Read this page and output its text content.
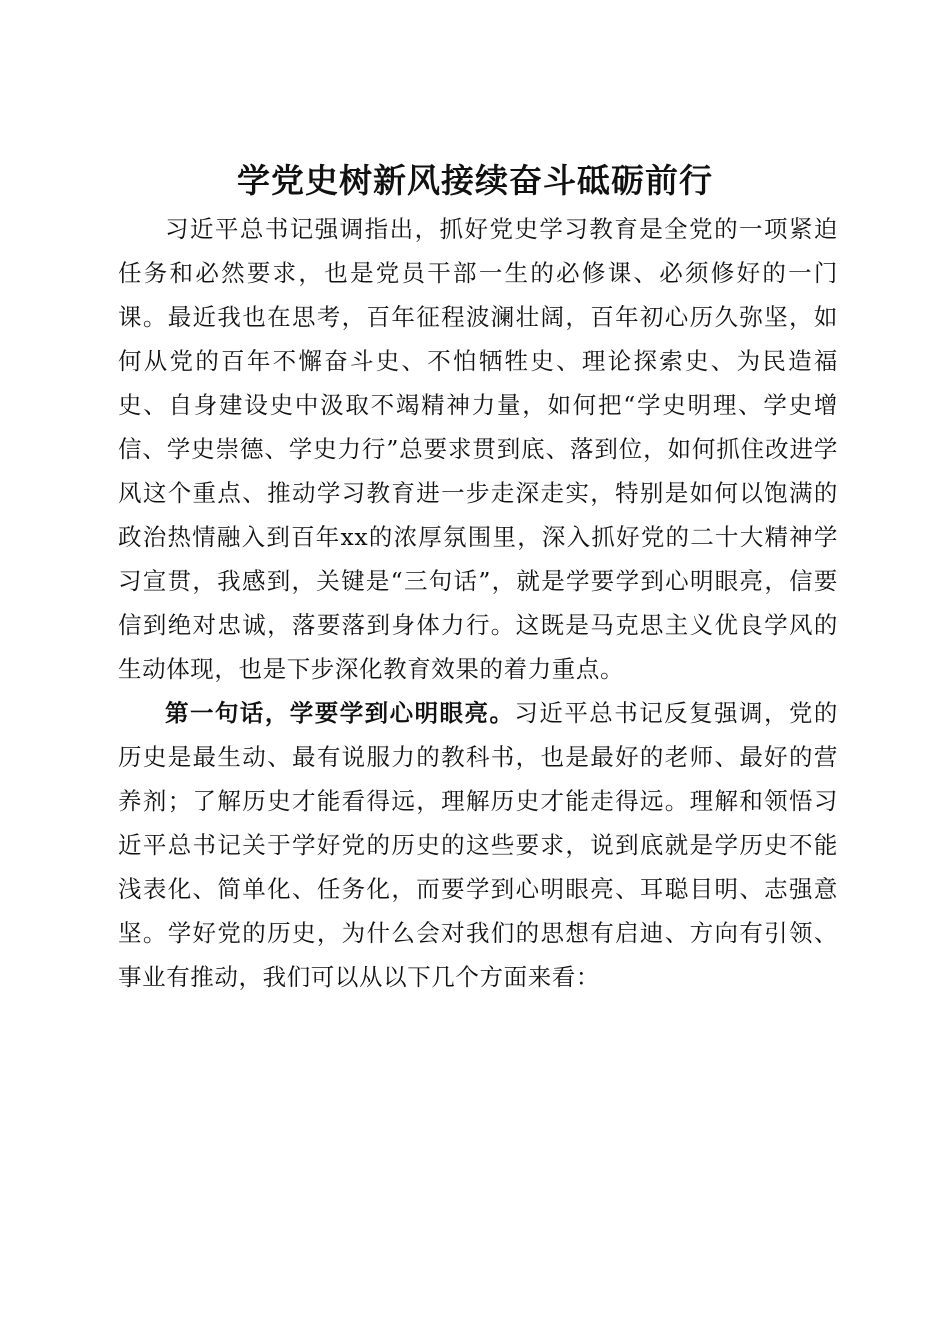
学党史树新风接续奋斗砥砺前行

习近平总书记强调指出，抓好党史学习教育是全党的一项紧迫任务和必然要求，也是党员干部一生的必修课、必须修好的一门课。最近我也在思考，百年征程波澜壮阔，百年初心历久弥坚，如何从党的百年不懈奋斗史、不怕牺牲史、理论探索史、为民造福史、自身建设史中汲取不竭精神力量，如何把“学史明理、学史增信、学史崇德、学史力行”总要求贯到底、落到位，如何抓住改进学风这个重点、推动学习教育进一步走深走实，特别是如何以饱满的政治热情融入到百年xx的浓厚氛围里，深入抓好党的二十大精神学习宣贯，我感到，关键是“三句话”，就是学要学到心明眼亮，信要信到绝对忠诚，落要落到身体力行。这既是马克思主义优良学风的生动体现，也是下步深化教育效果的着力重点。

第一句话，学要学到心明眼亮。习近平总书记反复强调，党的历史是最生动、最有说服力的教科书，也是最好的老师、最好的营养剂；了解历史才能看得远，理解历史才能走得远。理解和领悟习近平总书记关于学好党的历史的这些要求，说到底就是学历史不能浅表化、简单化、任务化，而要学到心明眼亮、耳聪目明、志强意坚。学好党的历史，为什么会对我们的思想有启迪、方向有引领、事业有推动，我们可以从以下几个方面来看：
